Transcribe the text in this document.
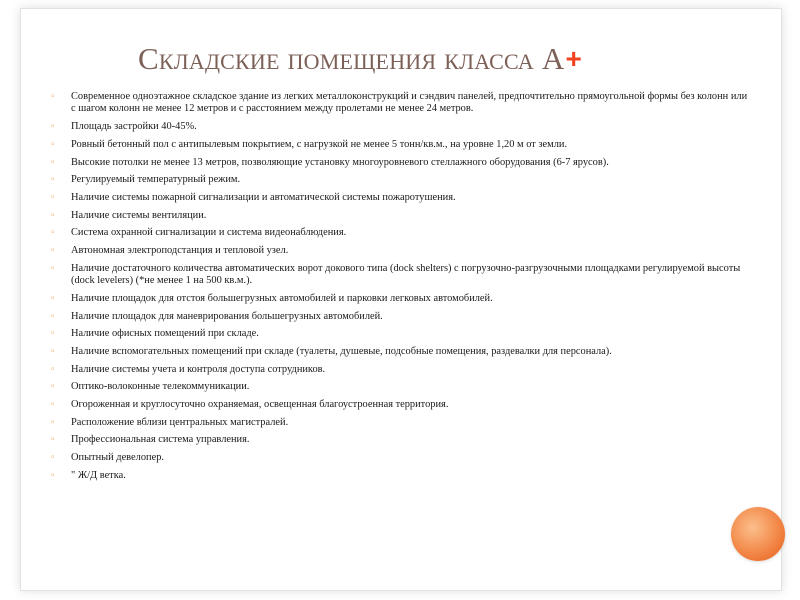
Складские помещения класса А+
▫ Современное одноэтажное складское здание из легких металлоконструкций и сэндвич панелей, предпочтительно прямоугольной формы без колонн или с шагом колонн не менее 12 метров и с расстоянием между пролетами не менее 24 метров.
▫ Площадь застройки 40-45%.
▫ Ровный бетонный пол с антипылевым покрытием, с нагрузкой не менее 5 тонн/кв.м., на уровне 1,20 м от земли.
▫ Высокие потолки не менее 13 метров, позволяющие установку многоуровневого стеллажного оборудования (6-7 ярусов).
▫ Регулируемый температурный режим.
▫ Наличие системы пожарной сигнализации и автоматической системы пожаротушения.
▫ Наличие системы вентиляции.
▫ Система охранной сигнализации и система видеонаблюдения.
▫ Автономная электроподстанция и тепловой узел.
▫ Наличие достаточного количества автоматических ворот докового типа (dock shelters) с погрузочно-разгрузочными площадками регулируемой высоты (dock levelers) (*не менее 1 на 500 кв.м.).
▫ Наличие площадок для отстоя большегрузных автомобилей и парковки легковых автомобилей.
▫ Наличие площадок для маневрирования большегрузных автомобилей.
▫ Наличие офисных помещений при складе.
▫ Наличие вспомогательных помещений при складе (туалеты, душевые, подсобные помещения, раздевалки для персонала).
▫ Наличие системы учета и контроля доступа сотрудников.
▫ Оптико-волоконные телекоммуникации.
▫ Огороженная и круглосуточно охраняемая, освещенная благоустроенная территория.
▫ Расположение вблизи центральных магистралей.
▫ Профессиональная система управления.
▫ Опытный девелопер.
▫ " Ж/Д ветка.
